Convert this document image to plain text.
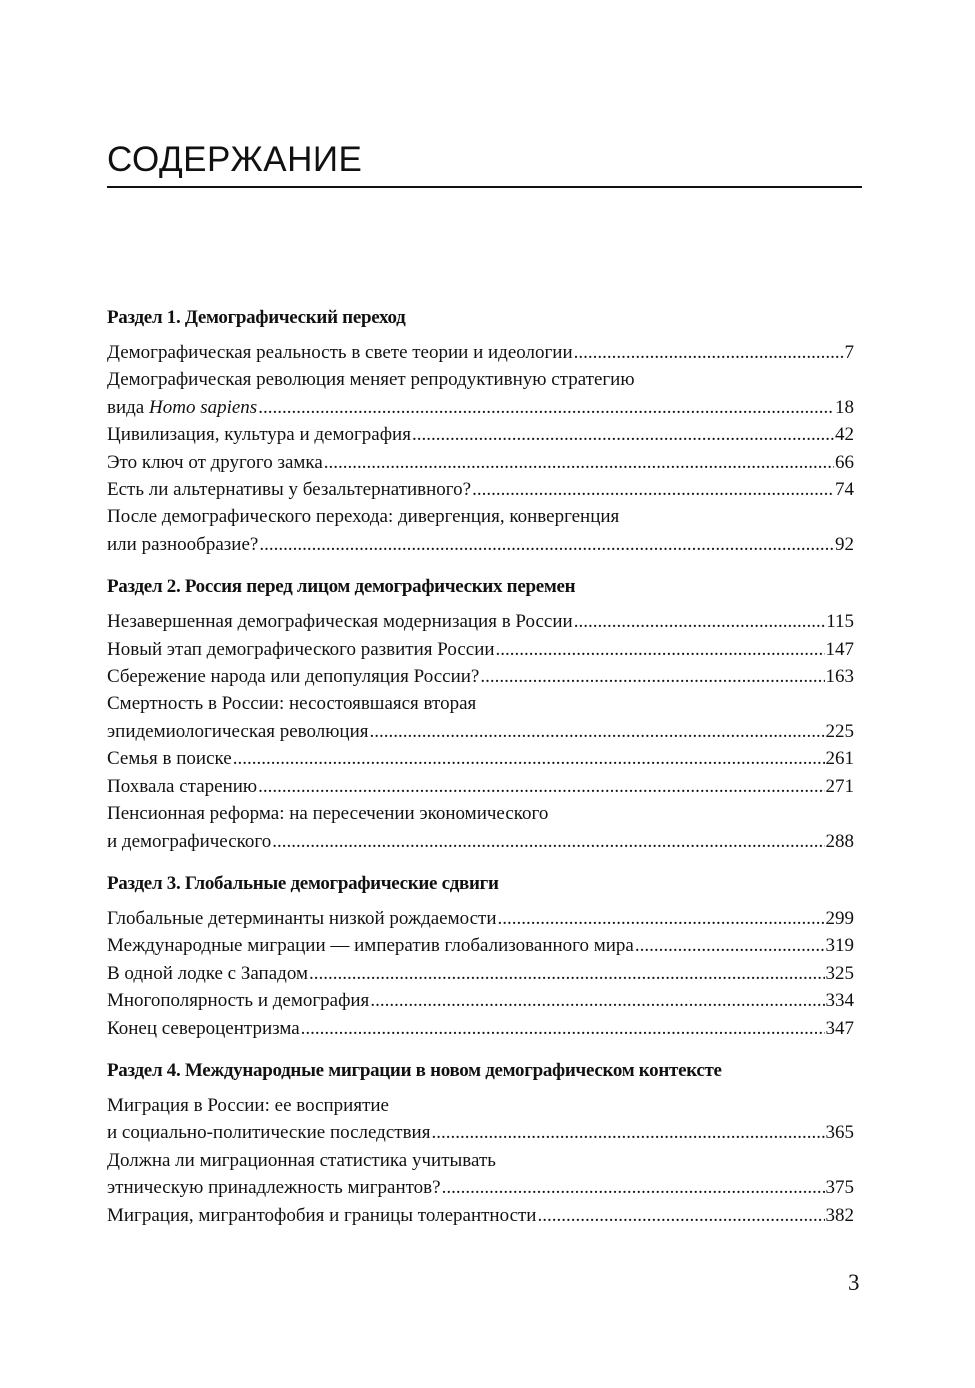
СОДЕРЖАНИЕ
Раздел 1. Демографический переход
Демографическая реальность в свете теории и идеологии .....	7
Демографическая революция меняет репродуктивную стратегию
вида Homo sapiens .....	18
Цивилизация, культура и демография .....	42
Это ключ от другого замка .....	66
Есть ли альтернативы у безальтернативного? .....	74
После демографического перехода: дивергенция, конвергенция
или разнообразие? .....	92
Раздел 2. Россия перед лицом демографических перемен
Незавершенная демографическая модернизация в России .....	115
Новый этап демографического развития России .....	147
Сбережение народа или депопуляция России? .....	163
Смертность в России: несостоявшаяся вторая
эпидемиологическая революция .....	225
Семья в поиске .....	261
Похвала старению .....	271
Пенсионная реформа: на пересечении экономического
и демографического .....	288
Раздел 3. Глобальные демографические сдвиги
Глобальные детерминанты низкой рождаемости .....	299
Международные миграции — императив глобализованного мира .....	319
В одной лодке с Западом .....	325
Многополярность и демография .....	334
Конец североцентризма .....	347
Раздел 4. Международные миграции в новом демографическом контексте
Миграция в России: ее восприятие
и социально-политические последствия .....	365
Должна ли миграционная статистика учитывать
этническую принадлежность мигрантов? .....	375
Миграция, мигрантофобия и границы толерантности .....	382
3
